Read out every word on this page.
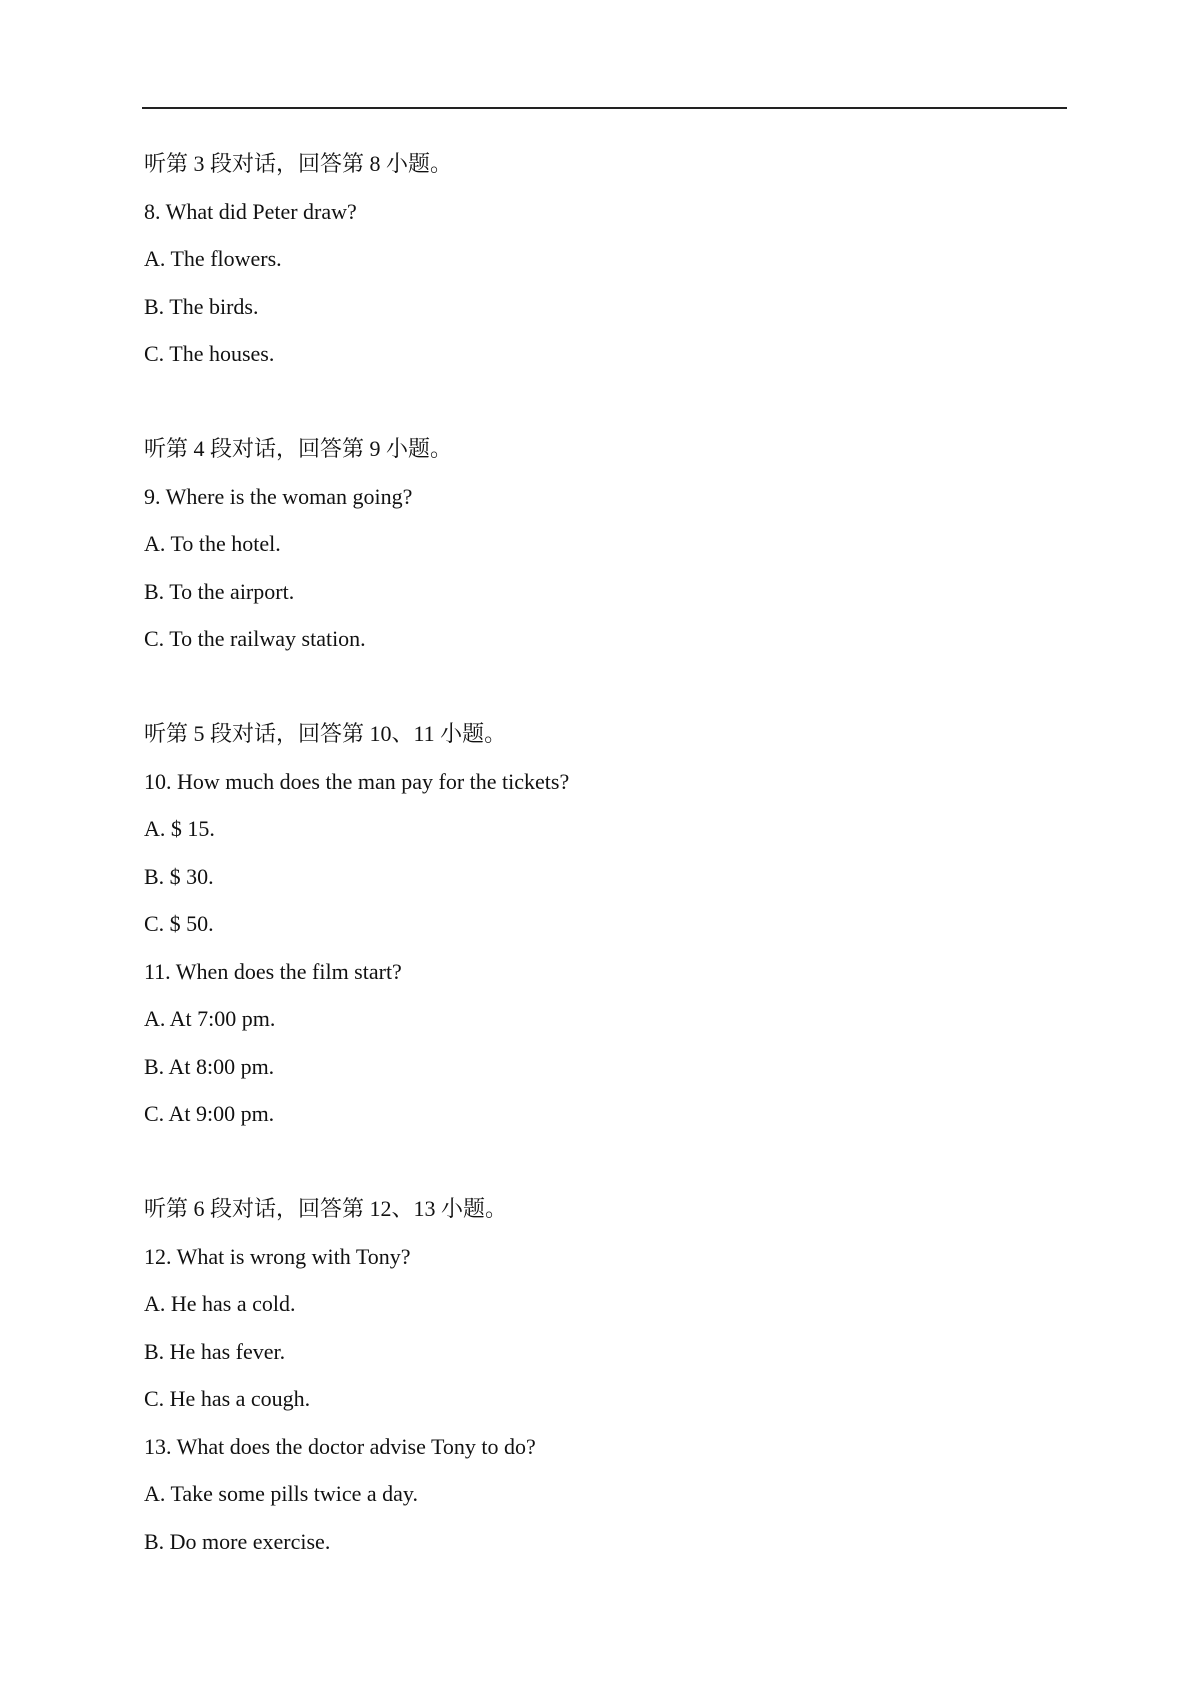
听第 3 段对话，回答第 8 小题。
8. What did Peter draw?
A. The flowers.
B. The birds.
C. The houses.
听第 4 段对话，回答第 9 小题。
9. Where is the woman going?
A. To the hotel.
B. To the airport.
C. To the railway station.
听第 5 段对话，回答第 10、11 小题。
10. How much does the man pay for the tickets?
A. $ 15.
B. $ 30.
C. $ 50.
11. When does the film start?
A. At 7:00 pm.
B. At 8:00 pm.
C. At 9:00 pm.
听第 6 段对话，回答第 12、13 小题。
12. What is wrong with Tony?
A. He has a cold.
B. He has fever.
C. He has a cough.
13. What does the doctor advise Tony to do?
A. Take some pills twice a day.
B. Do more exercise.
